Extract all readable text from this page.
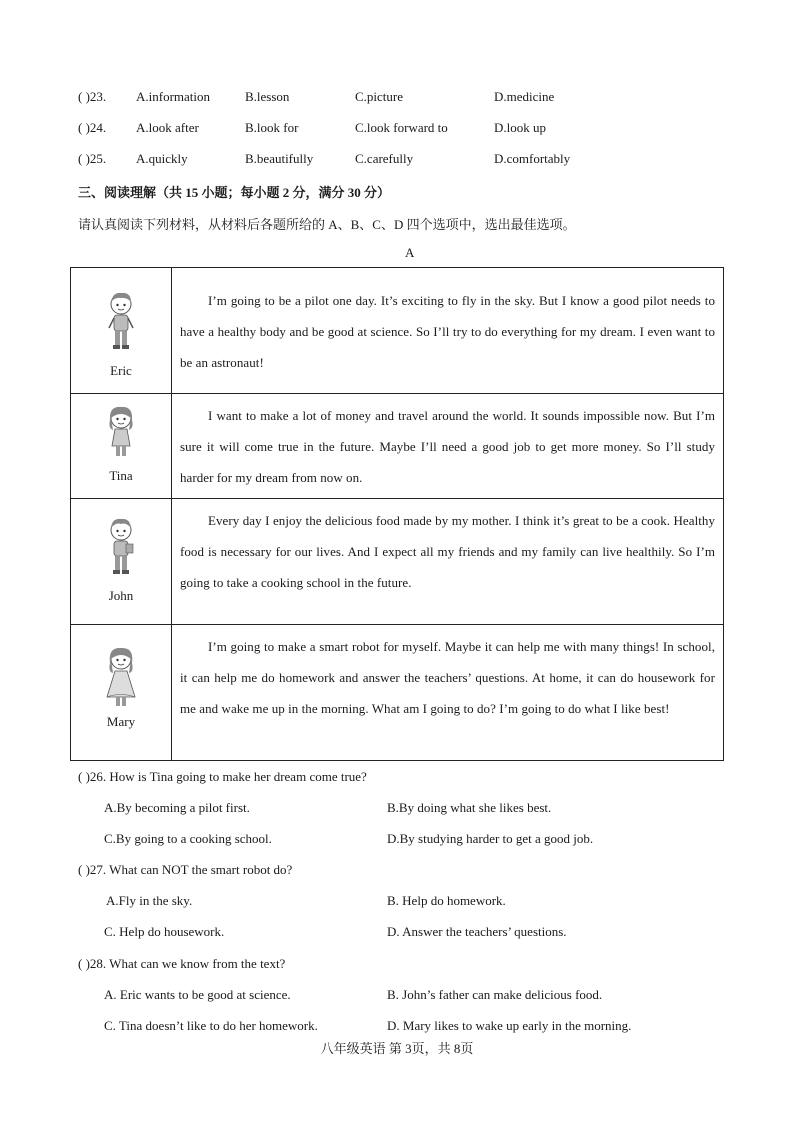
( )23. A.information	B.lesson	C.picture	D.medicine
( )24. A.look after	B.look for	C.look forward to	D.look up
( )25. A.quickly	B.beautifully	C.carefully	D.comfortably
三、阅读理解（共 15 小题；每小题 2 分，满分 30 分）
请认真阅读下列材料，从材料后各题所给的 A、B、C、D 四个选项中，选出最佳选项。
A
Eric	I’m going to be a pilot one day. It’s exciting to fly in the sky. But I know a good pilot needs to have a healthy body and be good at science. So I’ll try to do everything for my dream. I even want to be an astronaut!

Tina	I want to make a lot of money and travel around the world. It sounds impossible now. But I’m sure it will come true in the future. Maybe I’ll need a good job to get more money. So I’ll study harder for my dream from now on.

John	Every day I enjoy the delicious food made by my mother. I think it’s great to be a cook. Healthy food is necessary for our lives. And I expect all my friends and my family can live healthily. So I’m going to take a cooking school in the future.

Mary	I’m going to make a smart robot for myself. Maybe it can help me with many things! In school, it can help me do homework and answer the teachers’ questions. At home, it can do housework for me and wake me up in the morning. What am I going to do? I’m going to do what I like best!
( )26. How is Tina going to make her dream come true?
A.By becoming a pilot first.	B.By doing what she likes best.
C.By going to a cooking school.	D.By studying harder to get a good job.
( )27. What can NOT the smart robot do?
A.Fly in the sky.	B. Help do homework.
C. Help do housework.	D. Answer the teachers’ questions.
( )28. What can we know from the text?
A. Eric wants to be good at science.	B. John’s father can make delicious food.
C. Tina doesn’t like to do her homework.	D. Mary likes to wake up early in the morning.
八年级英语 第 3页，共 8页
